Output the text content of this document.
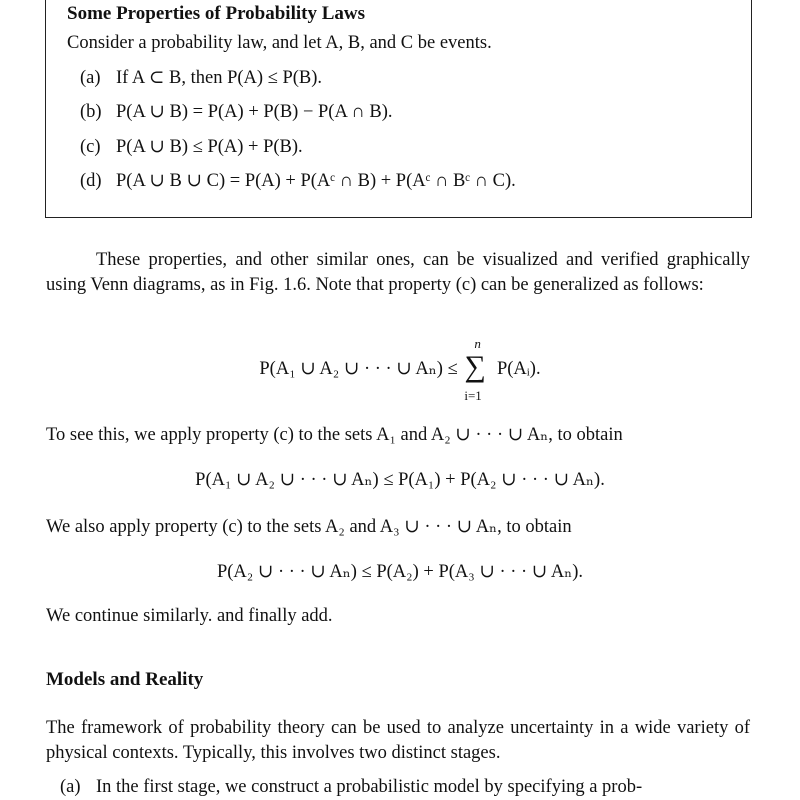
Some Properties of Probability Laws
Consider a probability law, and let A, B, and C be events.
(a) If A ⊂ B, then P(A) ≤ P(B).
(b) P(A ∪ B) = P(A) + P(B) − P(A ∩ B).
(c) P(A ∪ B) ≤ P(A) + P(B).
(d) P(A ∪ B ∪ C) = P(A) + P(Aᶜ ∩ B) + P(Aᶜ ∩ Bᶜ ∩ C).

These properties, and other similar ones, can be visualized and verified graphically using Venn diagrams, as in Fig. 1.6. Note that property (c) can be generalized as follows:

P(A₁ ∪ A₂ ∪ · · · ∪ Aₙ) ≤
n
∑
i=1
P(Aᵢ).
To see this, we apply property (c) to the sets A₁ and A₂ ∪ · · · ∪ Aₙ, to obtain
P(A₁ ∪ A₂ ∪ · · · ∪ Aₙ) ≤ P(A₁) + P(A₂ ∪ · · · ∪ Aₙ).
We also apply property (c) to the sets A₂ and A₃ ∪ · · · ∪ Aₙ, to obtain
P(A₂ ∪ · · · ∪ Aₙ) ≤ P(A₂) + P(A₃ ∪ · · · ∪ Aₙ).
We continue similarly. and finally add.
Models and Reality

The framework of probability theory can be used to analyze uncertainty in a wide variety of physical contexts. Typically, this involves two distinct stages.

(a) In the first stage, we construct a probabilistic model by specifying a prob-
